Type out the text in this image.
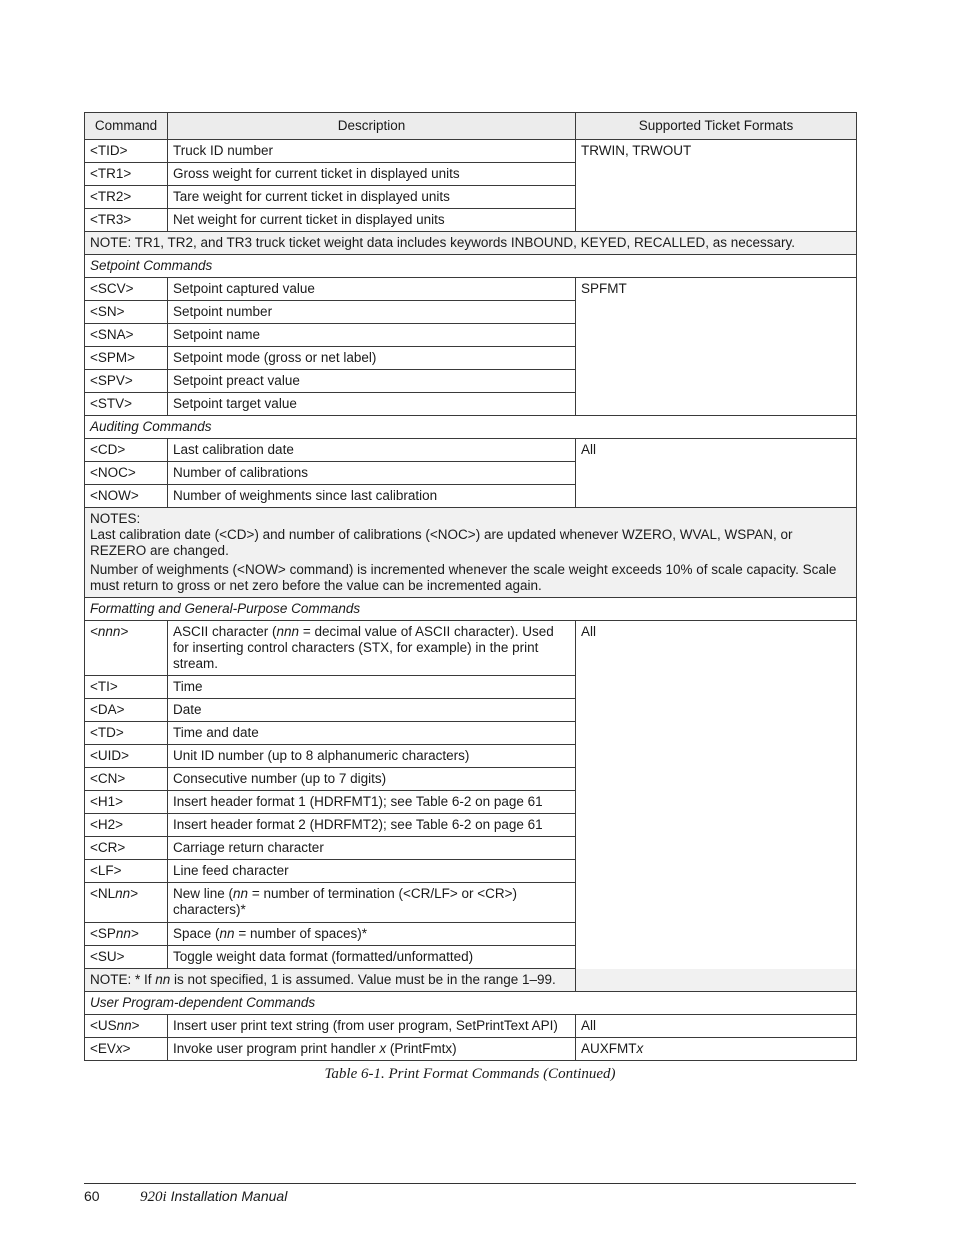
Command	Description	Supported Ticket Formats
<TID>	Truck ID number	TRWIN, TRWOUT
<TR1>	Gross weight for current ticket in displayed units	
<TR2>	Tare weight for current ticket in displayed units	
<TR3>	Net weight for current ticket in displayed units	
NOTE: TR1, TR2, and TR3 truck ticket weight data includes keywords INBOUND, KEYED, RECALLED, as necessary.		
Setpoint Commands		
<SCV>	Setpoint captured value	SPFMT
<SN>	Setpoint number	
<SNA>	Setpoint name	
<SPM>	Setpoint mode (gross or net label)	
<SPV>	Setpoint preact value	
<STV>	Setpoint target value	
Auditing Commands		
<CD>	Last calibration date	All
<NOC>	Number of calibrations	
<NOW>	Number of weighments since last calibration	

NOTES:

Last calibration date (<CD>) and number of calibrations (<NOC>) are updated whenever WZERO, WVAL, WSPAN, or REZERO are changed.

Number of weighments (<NOW> command) is incremented whenever the scale weight exceeds 10% of scale capacity. Scale must return to gross or net zero before the value can be incremented again.		

Formatting and General-Purpose Commands		
<nnn>	ASCII character (nnn = decimal value of ASCII character). Used for inserting control characters (STX, for example) in the print stream.	All
<TI>	Time	
<DA>	Date	
<TD>	Time and date	
<UID>	Unit ID number (up to 8 alphanumeric characters)	
<CN>	Consecutive number (up to 7 digits)	
<H1>	Insert header format 1 (HDRFMT1); see Table 6-2 on page 61	
<H2>	Insert header format 2 (HDRFMT2); see Table 6-2 on page 61	
<CR>	Carriage return character	
<LF>	Line feed character	
<NLnn>	New line (nn = number of termination (<CR/LF> or <CR>) characters)*	
<SPnn>	Space (nn = number of spaces)*	
<SU>	Toggle weight data format (formatted/unformatted)	
NOTE: * If nn is not specified, 1 is assumed. Value must be in the range 1–99.		
User Program-dependent Commands		
<USnn>	Insert user print text string (from user program, SetPrintText API)	All
<EVx>	Invoke user program print handler x (PrintFmtx)	AUXFMTx
Table 6-1. Print Format Commands (Continued)
60	920i Installation Manual
